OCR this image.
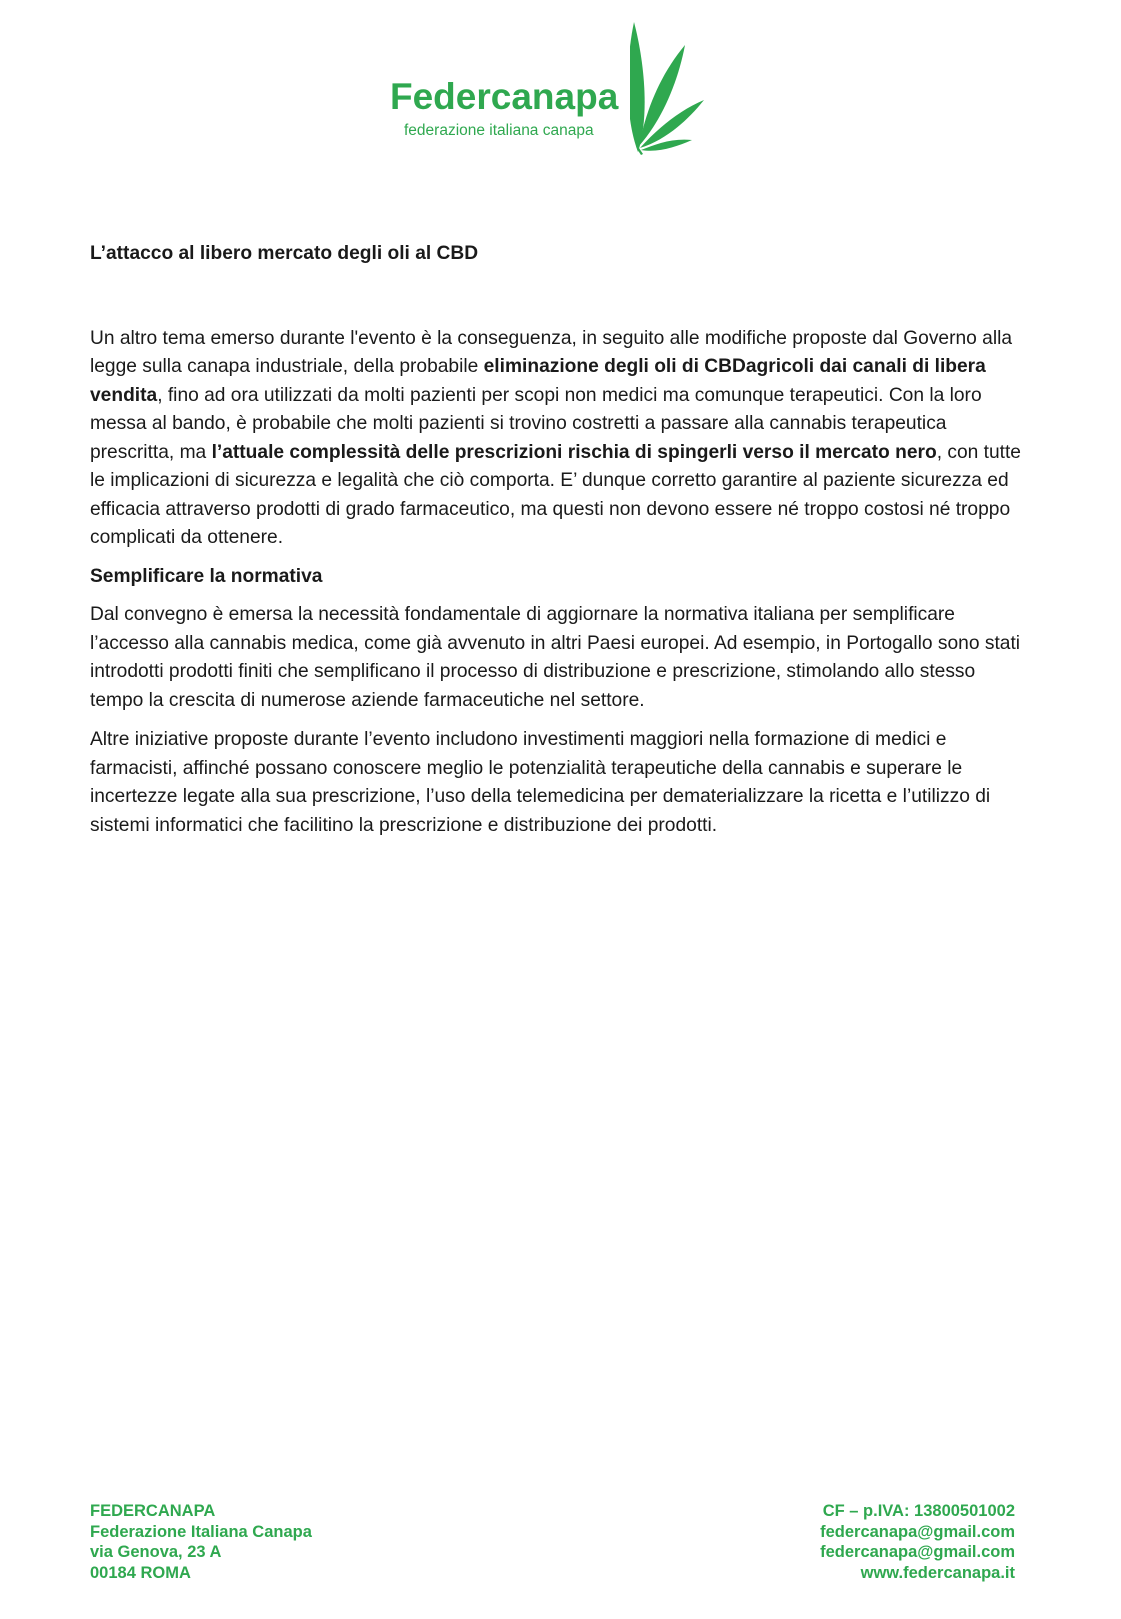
Federcanapa
federazione italiana canapa

L’attacco al libero mercato degli oli al CBD

Un altro tema emerso durante l'evento è la conseguenza, in seguito alle modifiche proposte dal Governo alla legge sulla canapa industriale, della probabile eliminazione degli oli di CBDagricoli dai canali di libera vendita, fino ad ora utilizzati da molti pazienti per scopi non medici ma comunque terapeutici. Con la loro messa al bando, è probabile che molti pazienti si trovino costretti a passare alla cannabis terapeutica prescritta, ma l’attuale complessità delle prescrizioni rischia di spingerli verso il mercato nero, con tutte le implicazioni di sicurezza e legalità che ciò comporta. E’ dunque corretto garantire al paziente sicurezza ed efficacia attraverso prodotti di grado farmaceutico, ma questi non devono essere né troppo costosi né troppo complicati da ottenere.

Semplificare la normativa

Dal convegno è emersa la necessità fondamentale di aggiornare la normativa italiana per semplificare l’accesso alla cannabis medica, come già avvenuto in altri Paesi europei. Ad esempio, in Portogallo sono stati introdotti prodotti finiti che semplificano il processo di distribuzione e prescrizione, stimolando allo stesso tempo la crescita di numerose aziende farmaceutiche nel settore.

Altre iniziative proposte durante l’evento includono investimenti maggiori nella formazione di medici e farmacisti, affinché possano conoscere meglio le potenzialità terapeutiche della cannabis e superare le incertezze legate alla sua prescrizione, l’uso della telemedicina per dematerializzare la ricetta e l’utilizzo di sistemi informatici che facilitino la prescrizione e distribuzione dei prodotti.

FEDERCANAPA
Federazione Italiana Canapa
via Genova, 23 A
00184 ROMA
CF – p.IVA: 13800501002
federcanapa@gmail.com
federcanapa@gmail.com
www.federcanapa.it
